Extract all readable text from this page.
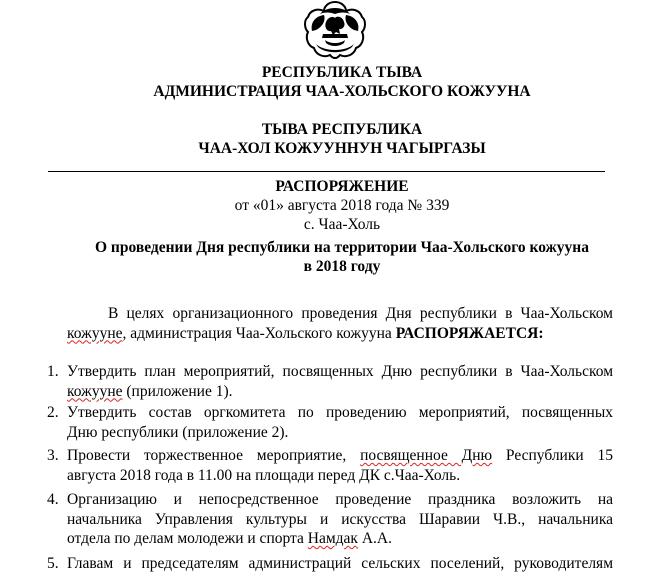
РЕСПУБЛИКА ТЫВА
АДМИНИСТРАЦИЯ ЧАА-ХОЛЬСКОГО КОЖУУНА
ТЫВА РЕСПУБЛИКА
ЧАА-ХОЛ КОЖУУННУН ЧАГЫРГАЗЫ
РАСПОРЯЖЕНИЕ
от «01» августа 2018 года № 339
с. Чаа-Холь
О проведении Дня республики на территории Чаа-Хольского кожууна
в 2018 году
В целях организационного проведения Дня республики в Чаа-Хольском
кожууне, администрация Чаа-Хольского кожууна РАСПОРЯЖАЕТСЯ:
1. Утвердить план мероприятий, посвященных Дню республики в Чаа-Хольском
кожууне (приложение 1).
2. Утвердить состав оргкомитета по проведению мероприятий, посвященных
Дню республики (приложение 2).
3. Провести торжественное мероприятие, посвященное Дню Республики 15
августа 2018 года в 11.00 на площади перед ДК с.Чаа-Холь.
4. Организацию и непосредственное проведение праздника возложить на
начальника Управления культуры и искусства Шаравии Ч.В., начальника
отдела по делам молодежи и спорта Намдак А.А.
5. Главам и председателям администраций сельских поселений, руководителям
